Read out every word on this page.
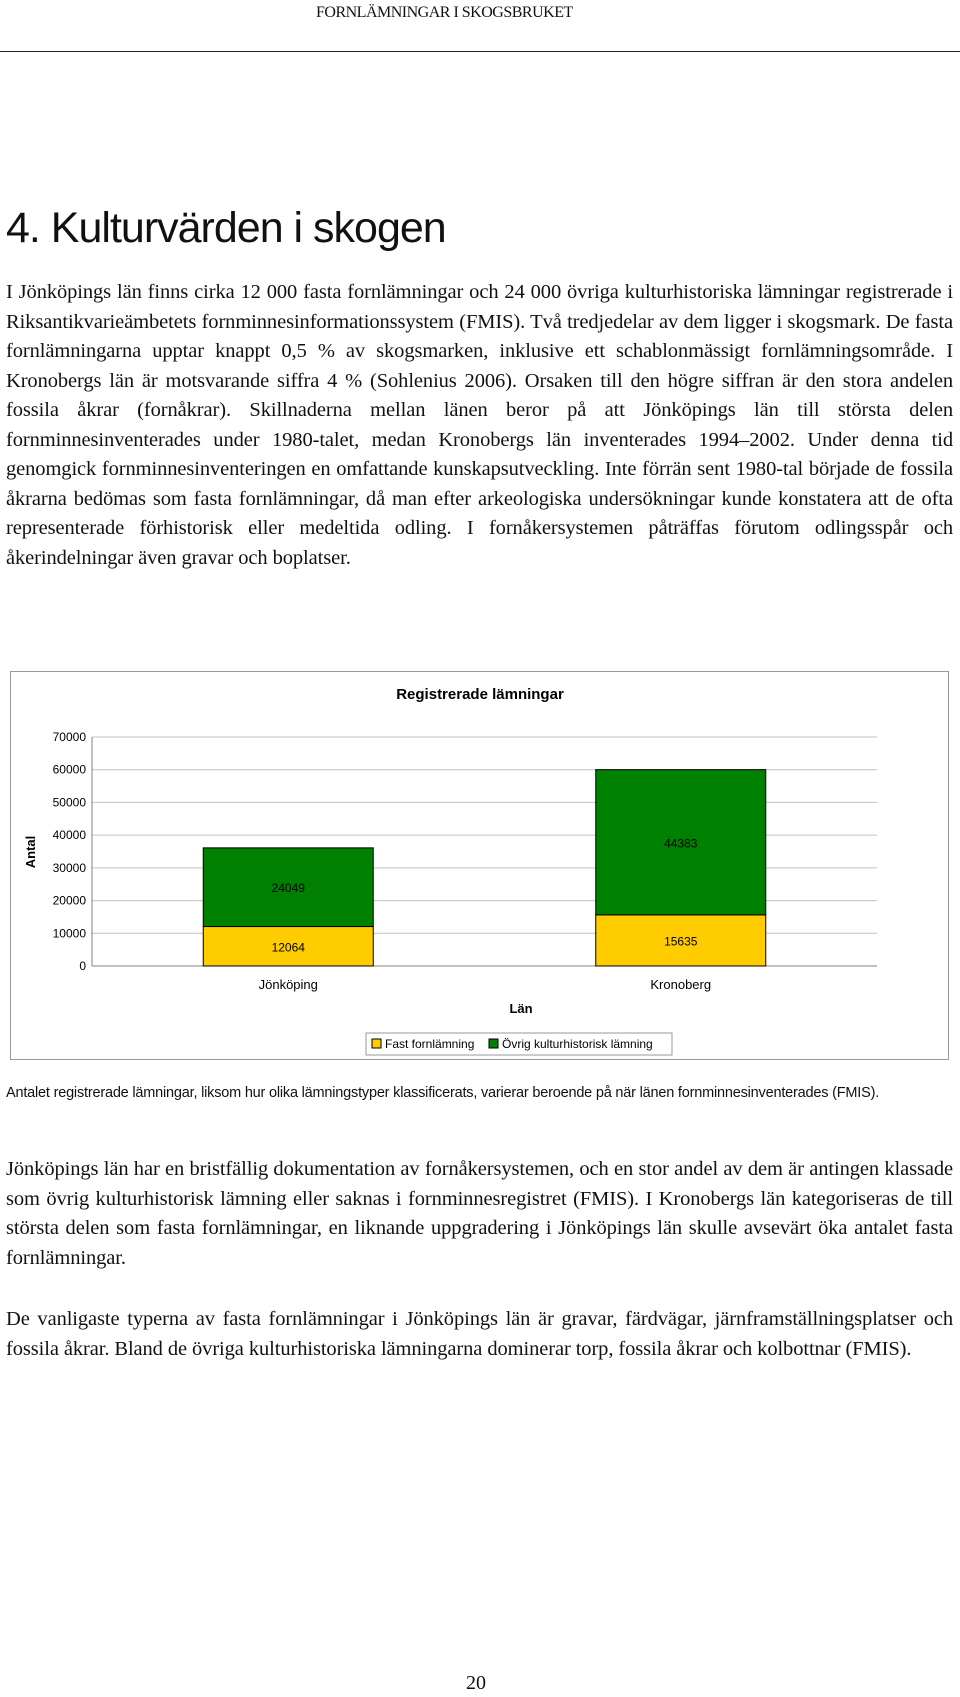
FORNLÄMNINGAR I SKOGSBRUKET
4. Kulturvärden i skogen

I Jönköpings län finns cirka 12 000 fasta fornlämningar och 24 000 övriga kulturhistoriska lämningar registrerade i Riksantikvarieämbetets fornminnesinformationssystem (FMIS). Två tredjedelar av dem ligger i skogsmark. De fasta fornlämningarna upptar knappt 0,5 % av skogsmarken, inklusive ett schablonmässigt fornlämningsområde. I Kronobergs län är motsvarande siffra 4 % (Sohlenius 2006). Orsaken till den högre siffran är den stora andelen fossila åkrar (fornåkrar). Skillnaderna mellan länen beror på att Jönköpings län till största delen fornminnesinventerades under 1980-talet, medan Kronobergs län inventerades 1994–2002. Under denna tid genomgick fornminnesinventeringen en omfattande kunskapsutveckling. Inte förrän sent 1980-tal började de fossila åkrarna bedömas som fasta fornlämningar, då man efter arkeologiska undersökningar kunde konstatera att de ofta representerade förhistorisk eller medeltida odling. I fornåkersystemen påträffas förutom odlingsspår och åkerindelningar även gravar och boplatser.

Registrerade lämningar
70000
60000
50000
40000
30000
20000
10000
0
Antal
Jönköping	Kronoberg
12064	15635
24049
44383
Län
Fast fornlämning Övrig kulturhistorisk lämning

Antalet registrerade lämningar, liksom hur olika lämningstyper klassificerats, varierar beroende på när länen fornminnesinventerades (FMIS).

Jönköpings län har en bristfällig dokumentation av fornåkersystemen, och en stor andel av dem är antingen klassade som övrig kulturhistorisk lämning eller saknas i fornminnesregistret (FMIS). I Kronobergs län kategoriseras de till största delen som fasta fornlämningar, en liknande uppgradering i Jönköpings län skulle avsevärt öka antalet fasta fornlämningar.

De vanligaste typerna av fasta fornlämningar i Jönköpings län är gravar, färdvägar, järnframställningsplatser och fossila åkrar. Bland de övriga kulturhistoriska lämningarna dominerar torp, fossila åkrar och kolbottnar (FMIS).

20
